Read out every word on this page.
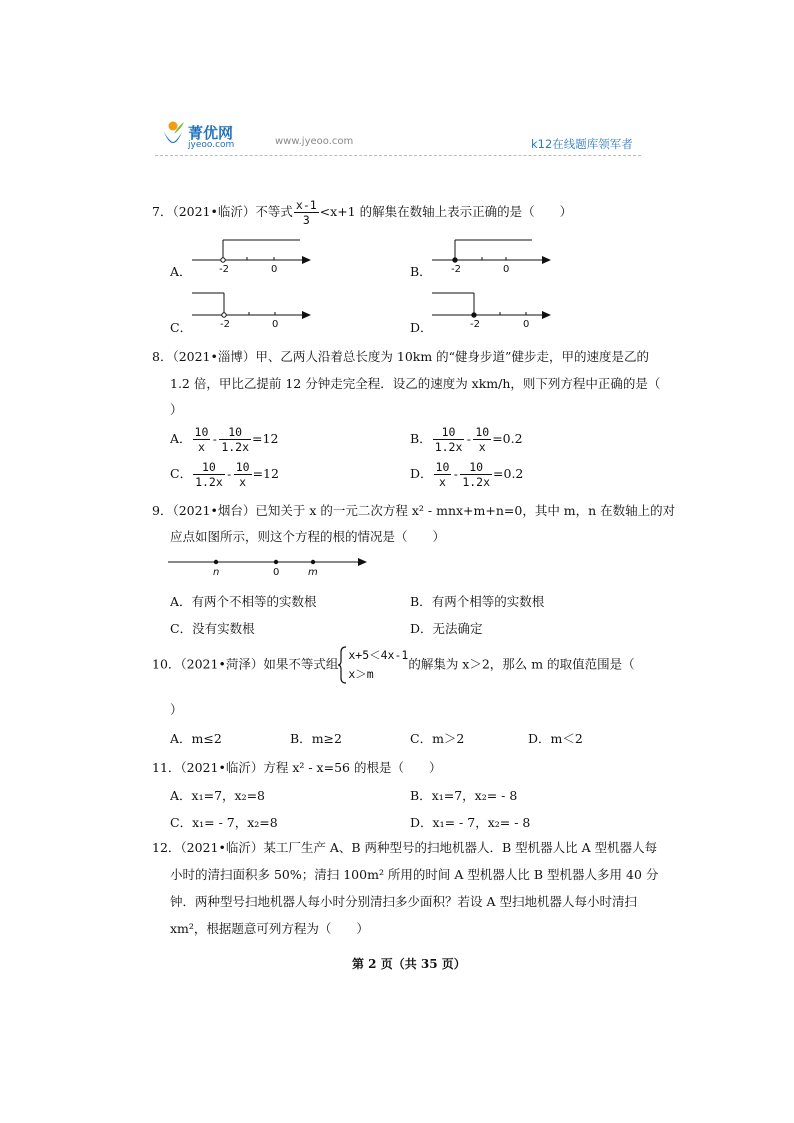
菁优网
jyeoo.com	www.jyeoo.com	k12在线题库领军者
7．（2021•临沂）不等式 $\frac{x-1}{3} <x+1$ 的解集在数轴上表示正确的是（　　）
A．	-2	0	B． -2	0
C．	-2	0	D．	-2	0
8．（2021•淄博）甲、乙两人沿着总长度为 10km 的“健身步道”健步走，甲的速度是乙的
1.2 倍，甲比乙提前 12 分钟走完全程．设乙的速度为 xkm/h，则下列方程中正确的是（
）
A． $\frac{10}{x} - \frac{10}{1.2x} =12$	B． $\frac{10}{1.2x} - \frac{10}{x} =0.2$
C． $\frac{10}{1.2x} - \frac{10}{x} =12$	D． $\frac{10}{x} - \frac{10}{1.2x} =0.2$
9．（2021•烟台）已知关于 x 的一元二次方程 x² - mnx+m+n=0，其中 m，n 在数轴上的对
应点如图所示，则这个方程的根的情况是（　　）
n	0	m
A．有两个不相等的实数根	B．有两个相等的实数根
C．没有实数根	D．无法确定
10．（2021•菏泽）如果不等式组
x+5＜4x-1
x＞m
的解集为 x＞2，那么 m 的取值范围是（
）
A．m≤2	B．m≥2	C．m＞2	D．m＜2
11．（2021•临沂）方程 x² - x=56 的根是（　　）
A．x₁=7，x₂=8	B．x₁=7，x₂= - 8
C．x₁= - 7，x₂=8	D．x₁= - 7，x₂= - 8
12．（2021•临沂）某工厂生产 A、B 两种型号的扫地机器人．B 型机器人比 A 型机器人每
小时的清扫面积多 50%；清扫 100m² 所用的时间 A 型机器人比 B 型机器人多用 40 分
钟．两种型号扫地机器人每小时分别清扫多少面积？若设 A 型扫地机器人每小时清扫
xm²，根据题意可列方程为（　　）
第 2 页（共 35 页）
